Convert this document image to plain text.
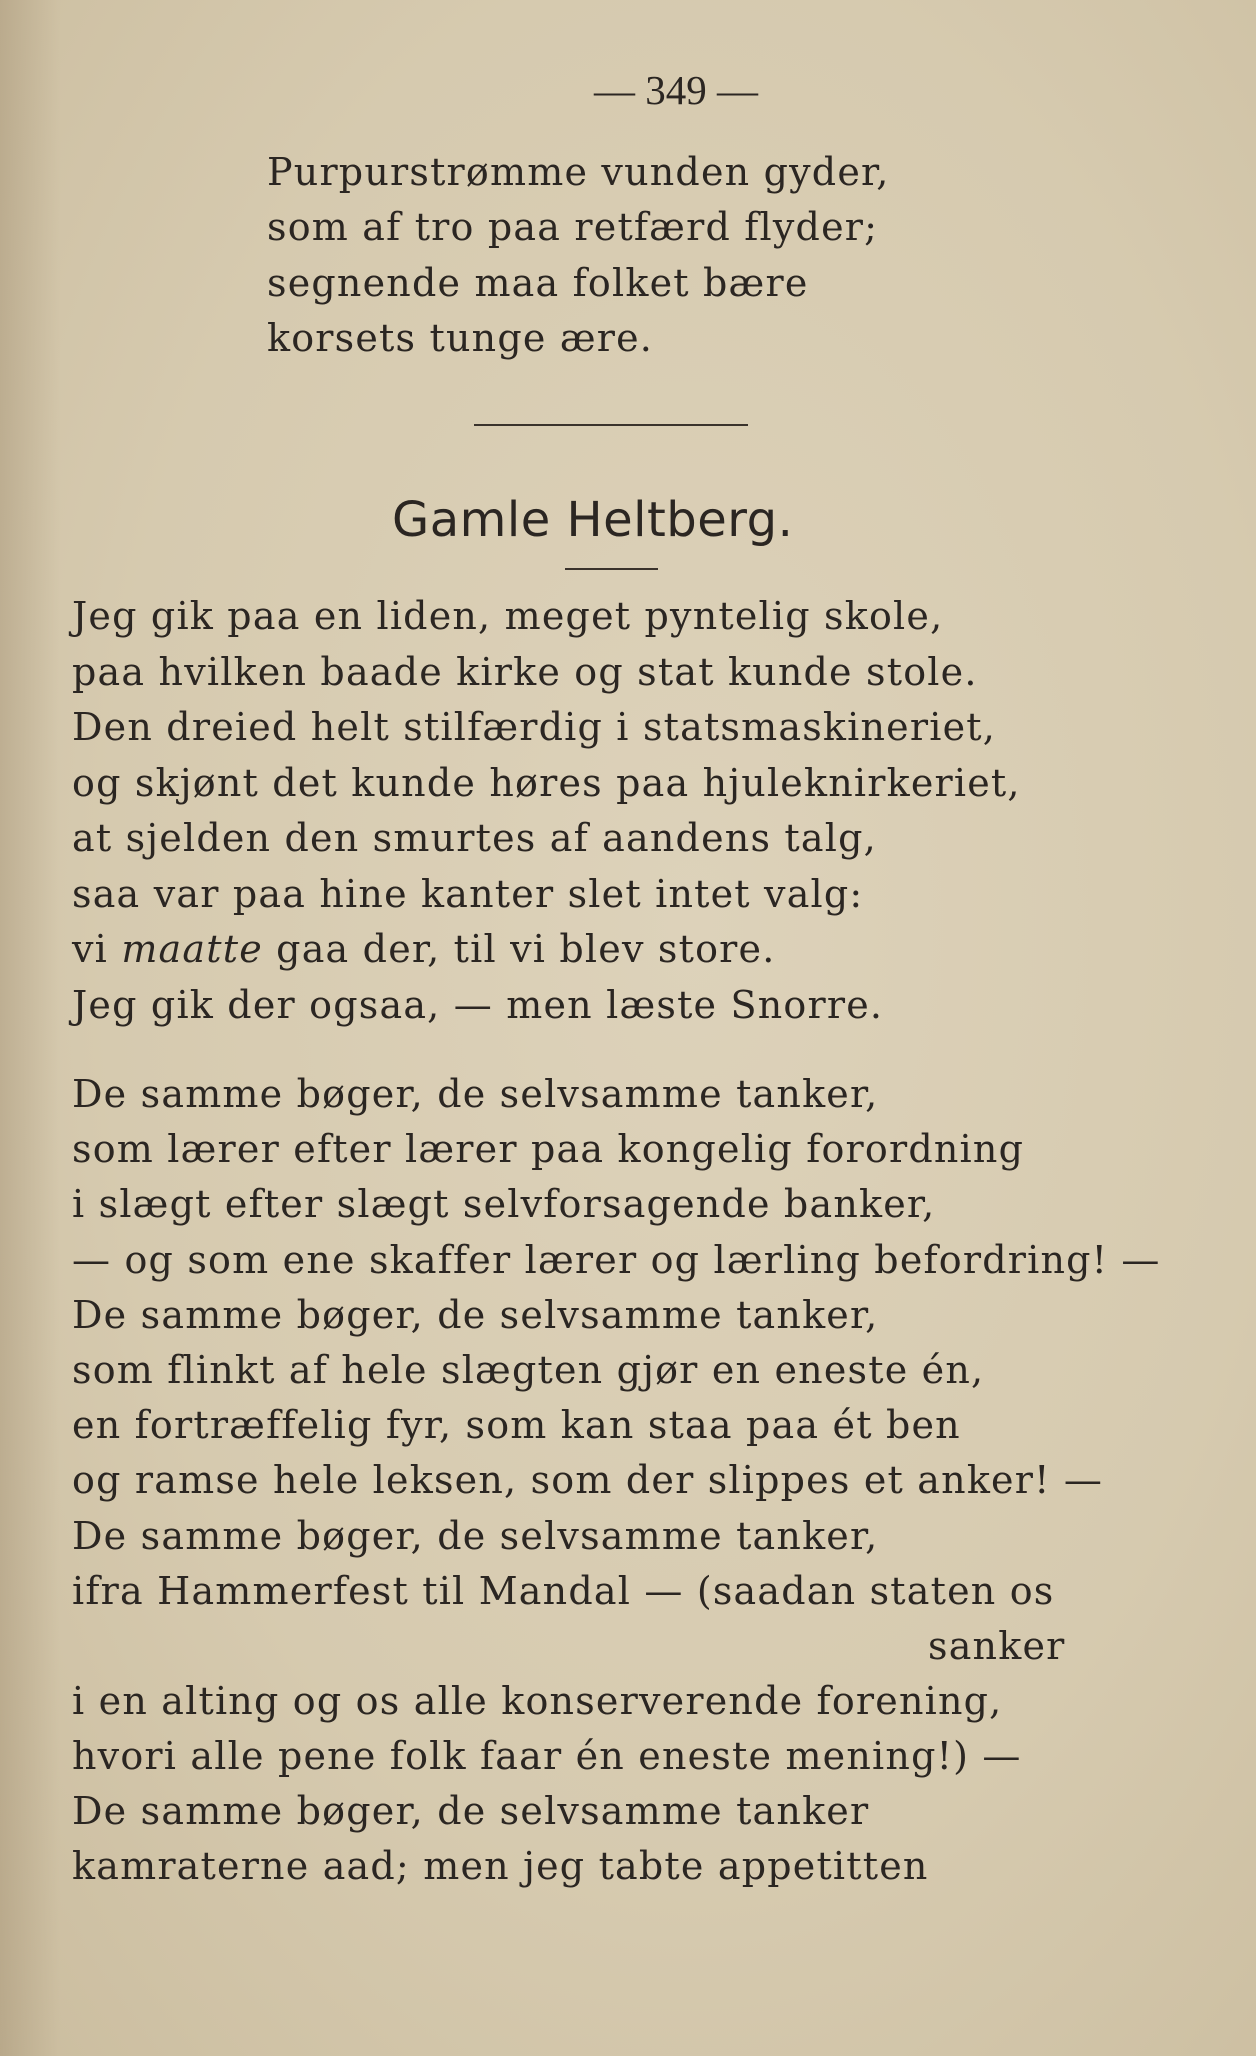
— 349 —
Purpurstrømme vunden gyder,
som af tro paa retfærd flyder;
segnende maa folket bære
korsets tunge ære.
Gamle Heltberg.
Jeg gik paa en liden, meget pyntelig skole,
paa hvilken baade kirke og stat kunde stole.
Den dreied helt stilfærdig i statsmaskineriet,
og skjønt det kunde høres paa hjuleknirkeriet,
at sjelden den smurtes af aandens talg,
saa var paa hine kanter slet intet valg:
vi maatte gaa der, til vi blev store.
Jeg gik der ogsaa, — men læste Snorre.
De samme bøger, de selvsamme tanker,
som lærer efter lærer paa kongelig forordning
i slægt efter slægt selvforsagende banker,
— og som ene skaffer lærer og lærling befordring! —
De samme bøger, de selvsamme tanker,
som flinkt af hele slægten gjør en eneste én,
en fortræffelig fyr, som kan staa paa ét ben
og ramse hele leksen, som der slippes et anker! —
De samme bøger, de selvsamme tanker,
ifra Hammerfest til Mandal — (saadan staten os
sanker
i en alting og os alle konserverende forening,
hvori alle pene folk faar én eneste mening!) —
De samme bøger, de selvsamme tanker
kamraterne aad; men jeg tabte appetitten
